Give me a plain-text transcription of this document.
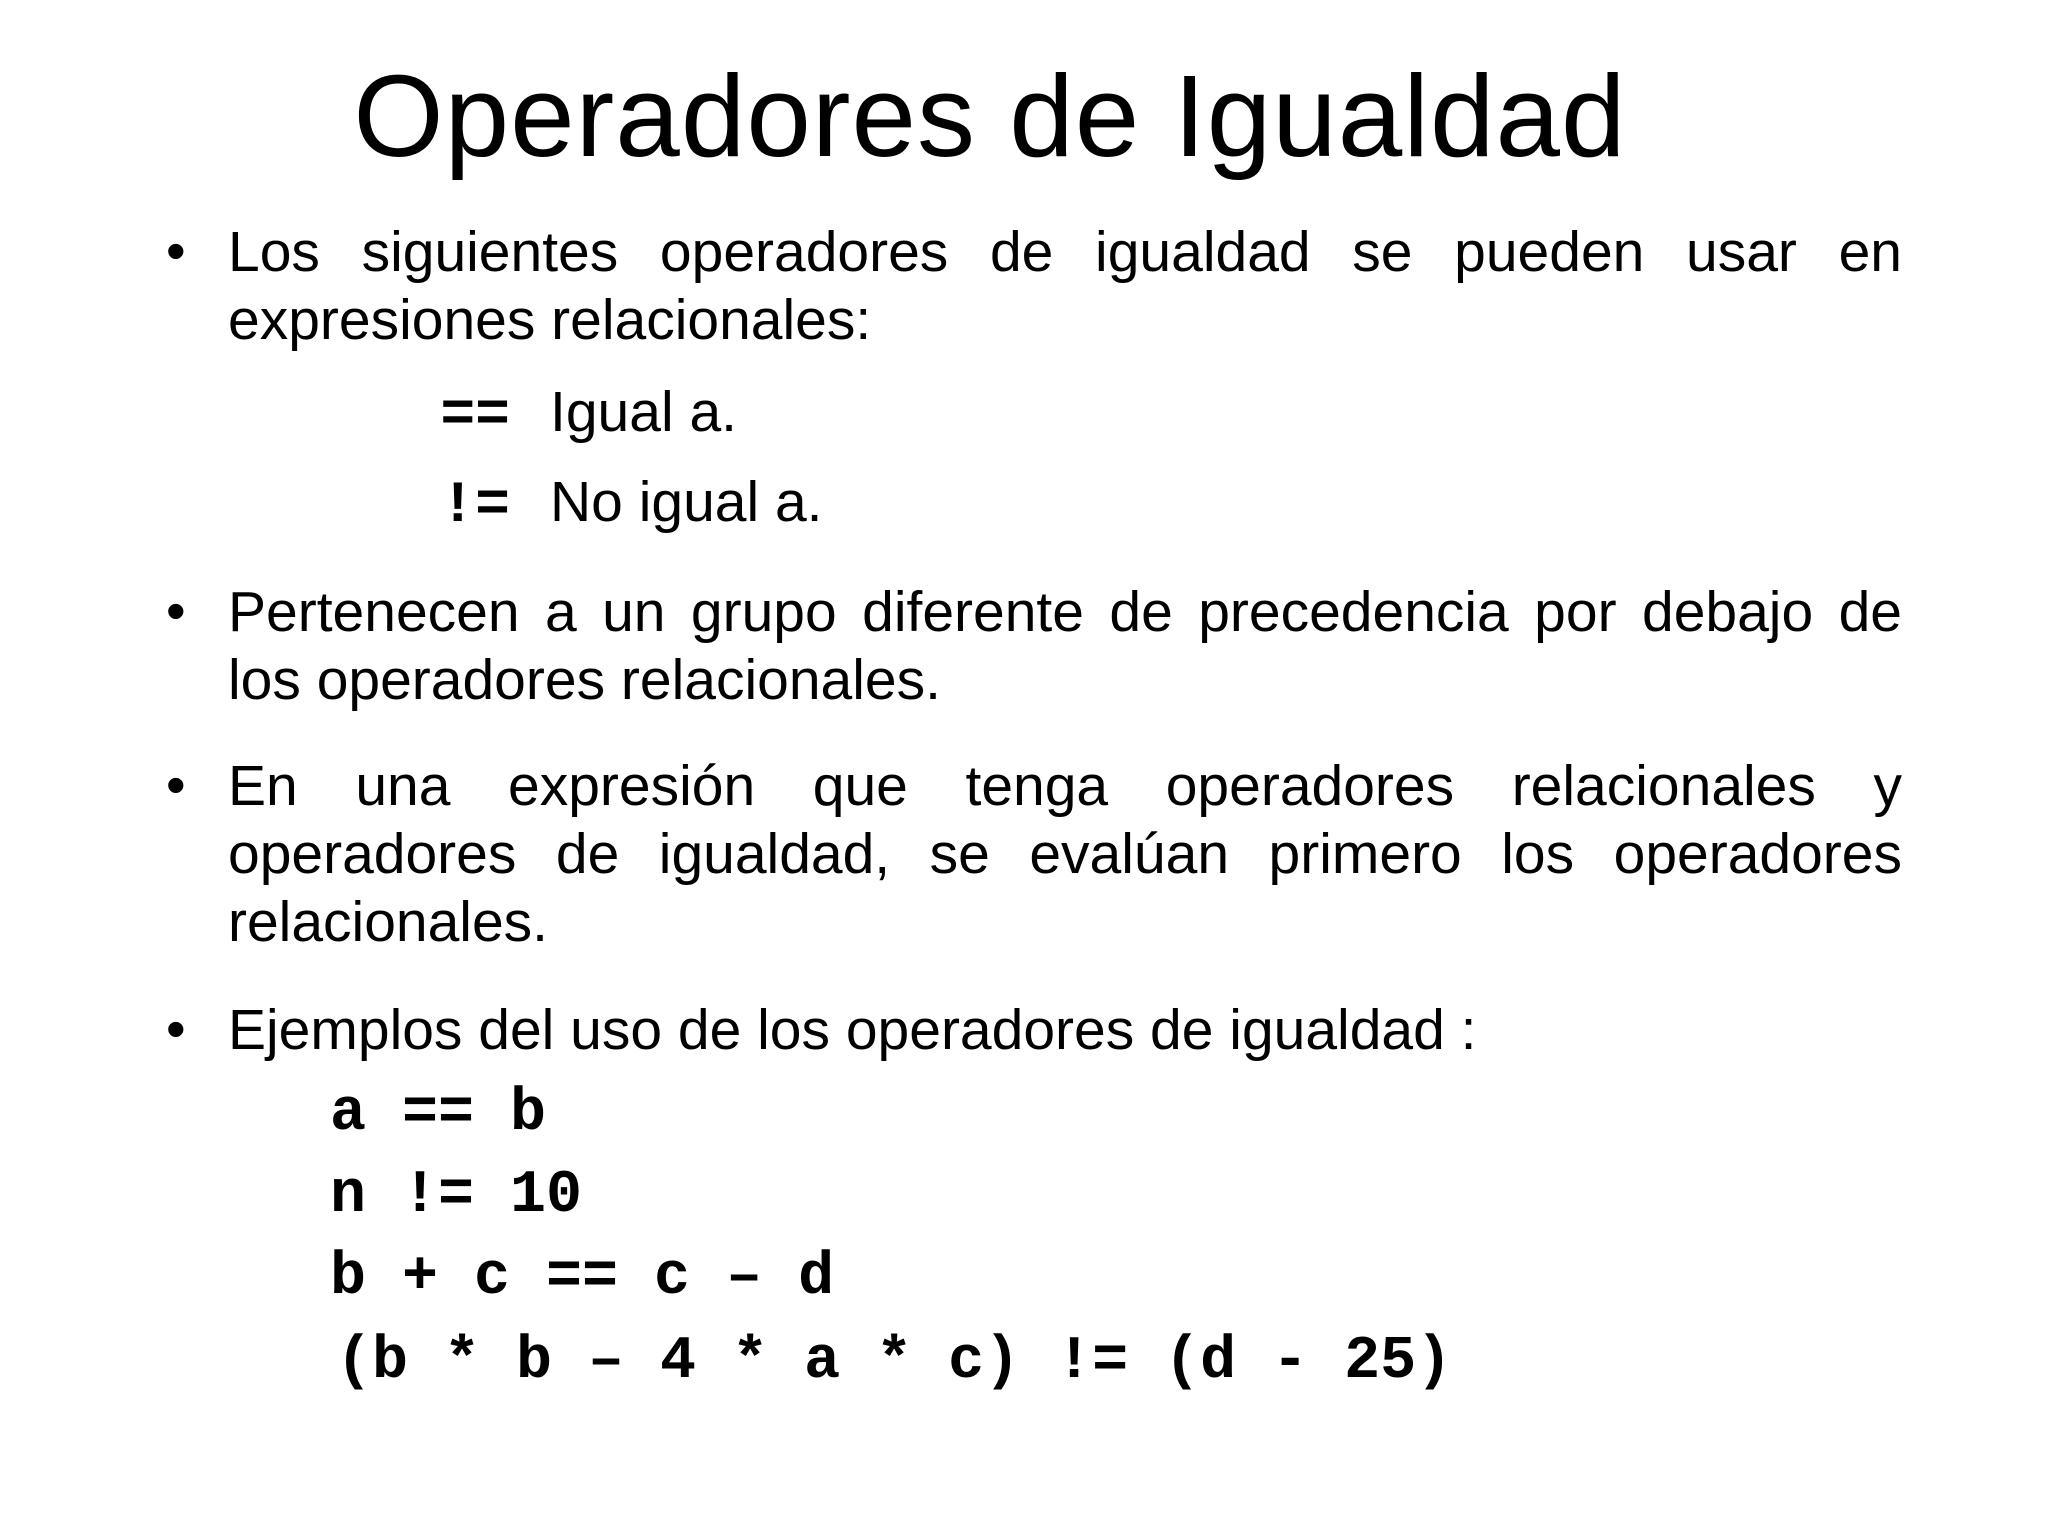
Operadores de Igualdad
• Los siguientes operadores de igualdad se pueden usar en expresiones relacionales:
== Igual a.
!= No igual a.
• Pertenecen a un grupo diferente de precedencia por debajo de los operadores relacionales.
• En una expresión que tenga operadores relacionales y operadores de igualdad, se evalúan primero los operadores relacionales.
• Ejemplos del uso de los operadores de igualdad :
a == b
n != 10
b + c == c – d
(b * b – 4 * a * c) != (d - 25)
